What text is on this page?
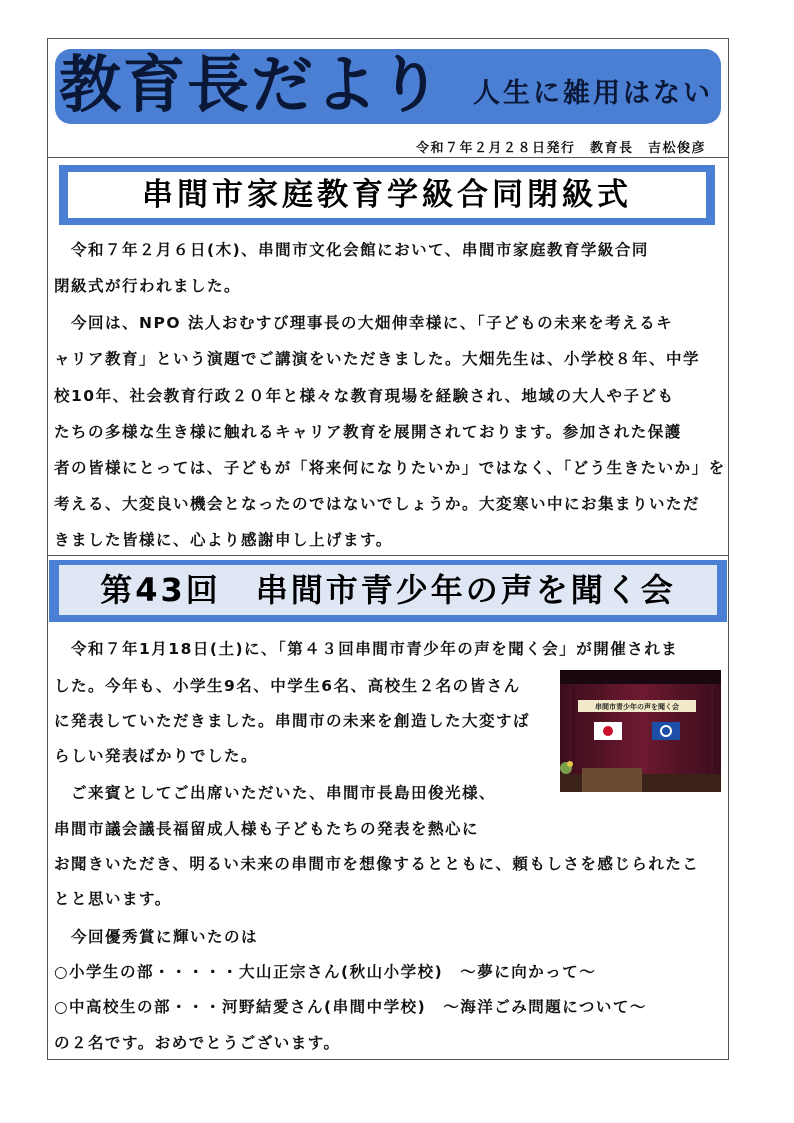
教育長だより 人生に雑用はない
令和７年２月２８日発行　教育長　吉松俊彦
串間市家庭教育学級合同閉級式
　令和７年２月６日(木)、串間市文化会館において、串間市家庭教育学級合同
閉級式が行われました。
　今回は、NPO 法人おむすび理事長の大畑伸幸様に、「子どもの未来を考えるキ
ャリア教育」という演題でご講演をいただきました。大畑先生は、小学校８年、中学
校10年、社会教育行政２０年と様々な教育現場を経験され、地域の大人や子ども
たちの多様な生き様に触れるキャリア教育を展開されております。参加された保護
者の皆様にとっては、子どもが「将来何になりたいか」ではなく、「どう生きたいか」を
考える、大変良い機会となったのではないでしょうか。大変寒い中にお集まりいただ
きました皆様に、心より感謝申し上げます。
第43回　串間市青少年の声を聞く会
　令和７年1月18日(土)に、「第４３回串間市青少年の声を聞く会」が開催されま
した。今年も、小学生9名、中学生6名、高校生２名の皆さん
に発表していただきました。串間市の未来を創造した大変すば
らしい発表ばかりでした。
　ご来賓としてご出席いただいた、串間市長島田俊光様、
串間市議会議長福留成人様も子どもたちの発表を熱心に
お聞きいただき、明るい未来の串間市を想像するとともに、頼もしさを感じられたこ
とと思います。
　今回優秀賞に輝いたのは
○小学生の部・・・・・大山正宗さん(秋山小学校)　～夢に向かって～
○中高校生の部・・・河野結愛さん(串間中学校)　～海洋ごみ問題について～
の２名です。おめでとうございます。
串間市青少年の声を聞く会
